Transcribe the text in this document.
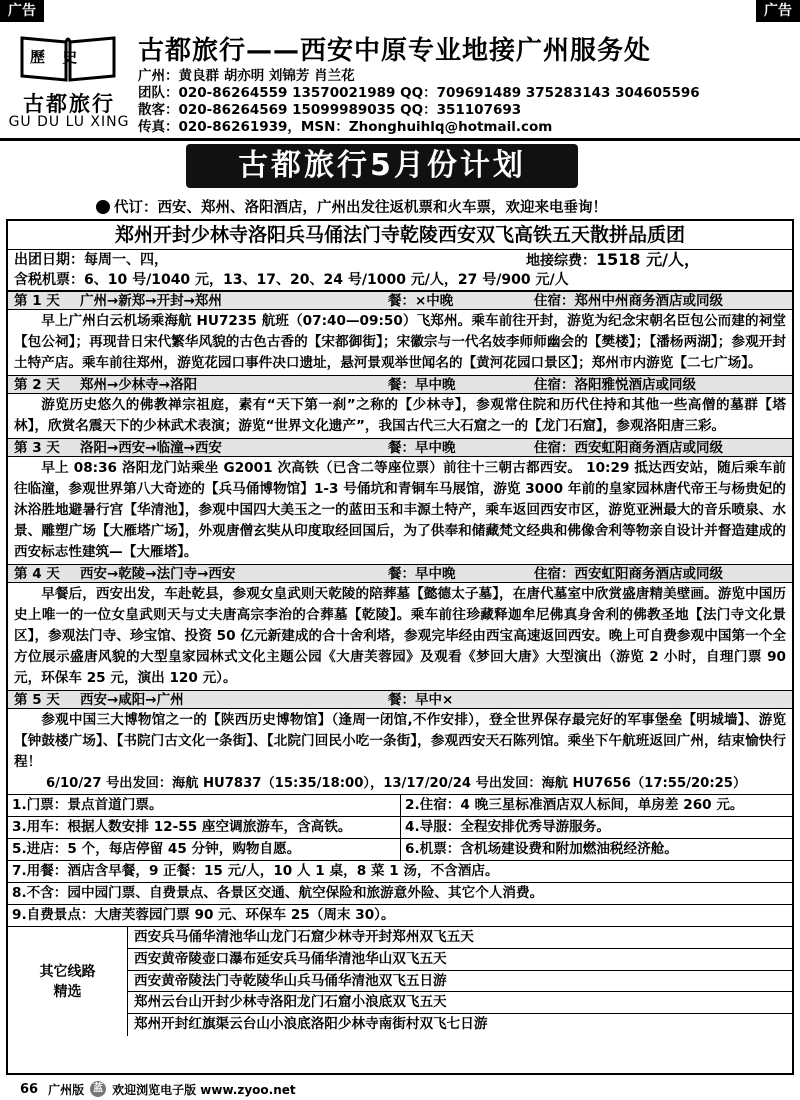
广告	广告
歷 史
古都旅行
GU DU LU XING
古都旅行——西安中原专业地接广州服务处
广州：黄良群 胡亦明 刘锦芳 肖兰花
团队：020-86264559 13570021989 QQ：709691489 375283143 304605596
散客：020-86264569 15099989035 QQ：351107693
传真：020-86261939，MSN：Zhonghuihlq@hotmail.com
古都旅行5月份计划
代订：西安、郑州、洛阳酒店，广州出发往返机票和火车票，欢迎来电垂询！
郑州开封少林寺洛阳兵马俑法门寺乾陵西安双飞高铁五天散拼品质团
出团日期：每周一、四，	地接综费：1518 元/人，
含税机票：6、10 号/1040 元，13、17、20、24 号/1000 元/人，27 号/900 元/人
第 1 天 广州→新郑→开封→郑州	餐：×中晚	住宿：郑州中州商务酒店或同级
早上广州白云机场乘海航 HU7235 航班（07:40—09:50）飞郑州。乘车前往开封，游览为纪念宋朝名臣包公而建的祠堂【包公祠】；再现昔日宋代繁华风貌的古色古香的【宋都御街】；宋徽宗与一代名妓李师师幽会的【樊楼】；【潘杨两湖】；参观开封土特产店。乘车前往郑州，游览花园口事件决口遗址，悬河景观举世闻名的【黄河花园口景区】；郑州市内游览【二七广场】。
第 2 天 郑州→少林寺→洛阳	餐：早中晚	住宿：洛阳雅悦酒店或同级
游览历史悠久的佛教禅宗祖庭，素有“天下第一刹”之称的【少林寺】，参观常住院和历代住持和其他一些高僧的墓群【塔林】，欣赏名震天下的少林武术表演；游览“世界文化遗产”，我国古代三大石窟之一的【龙门石窟】，参观洛阳唐三彩。
第 3 天 洛阳→西安→临潼→西安	餐：早中晚	住宿：西安虹阳商务酒店或同级
早上 08:36 洛阳龙门站乘坐 G2001 次高铁（已含二等座位票）前往十三朝古都西安。 10:29 抵达西安站，随后乘车前往临潼，参观世界第八大奇迹的【兵马俑博物馆】1-3 号俑坑和青铜车马展馆，游览 3000 年前的皇家园林唐代帝王与杨贵妃的沐浴胜地避暑行宫【华清池】，参观中国四大美玉之一的蓝田玉和丰源土特产，乘车返回西安市区，游览亚洲最大的音乐喷泉、水景、雕塑广场【大雁塔广场】，外观唐僧玄奘从印度取经回国后，为了供奉和储藏梵文经典和佛像舍利等物亲自设计并督造建成的西安标志性建筑—【大雁塔】。
第 4 天 西安→乾陵→法门寺→西安	餐：早中晚	住宿：西安虹阳商务酒店或同级
早餐后，西安出发，车赴乾县，参观女皇武则天乾陵的陪葬墓【懿德太子墓】，在唐代墓室中欣赏盛唐精美壁画。游览中国历史上唯一的一位女皇武则天与丈夫唐高宗李治的合葬墓【乾陵】。乘车前往珍藏释迦牟尼佛真身舍利的佛教圣地【法门寺文化景区】，参观法门寺、珍宝馆、投资 50 亿元新建成的合十舍利塔，参观完毕经由西宝高速返回西安。晚上可自费参观中国第一个全方位展示盛唐风貌的大型皇家园林式文化主题公园《大唐芙蓉园》及观看《梦回大唐》大型演出（游览 2 小时，自理门票 90 元，环保车 25 元，演出 120 元）。
第 5 天 西安→咸阳→广州	餐：早中×
参观中国三大博物馆之一的【陕西历史博物馆】（逢周一闭馆,不作安排），登全世界保存最完好的军事堡垒【明城墙】、游览【钟鼓楼广场】、【书院门古文化一条街】、【北院门回民小吃一条街】，参观西安天石陈列馆。乘坐下午航班返回广州，结束愉快行程！
6/10/27 号出发回：海航 HU7837（15:35/18:00），13/17/20/24 号出发回：海航 HU7656（17:55/20:25）
1.门票：景点首道门票。	2.住宿：4 晚三星标准酒店双人标间，单房差 260 元。
3.用车：根据人数安排 12-55 座空调旅游车，含高铁。	4.导服：全程安排优秀导游服务。
5.进店：5 个，每店停留 45 分钟，购物自愿。	6.机票：含机场建设费和附加燃油税经济舱。
7.用餐：酒店含早餐，9 正餐：15 元/人，10 人 1 桌，8 菜 1 汤，不含酒店。
8.不含：园中园门票、自费景点、各景区交通、航空保险和旅游意外险、其它个人消费。
9.自费景点：大唐芙蓉园门票 90 元、环保车 25（周末 30）。
其它线路
精选
西安兵马俑华清池华山龙门石窟少林寺开封郑州双飞五天
西安黄帝陵壶口瀑布延安兵马俑华清池华山双飞五天
西安黄帝陵法门寺乾陵华山兵马俑华清池双飞五日游
郑州云台山开封少林寺洛阳龙门石窟小浪底双飞五天
郑州开封红旗渠云台山小浪底洛阳少林寺南街村双飞七日游
66 广州版 蓝 欢迎浏览电子版 www.zyoo.net
